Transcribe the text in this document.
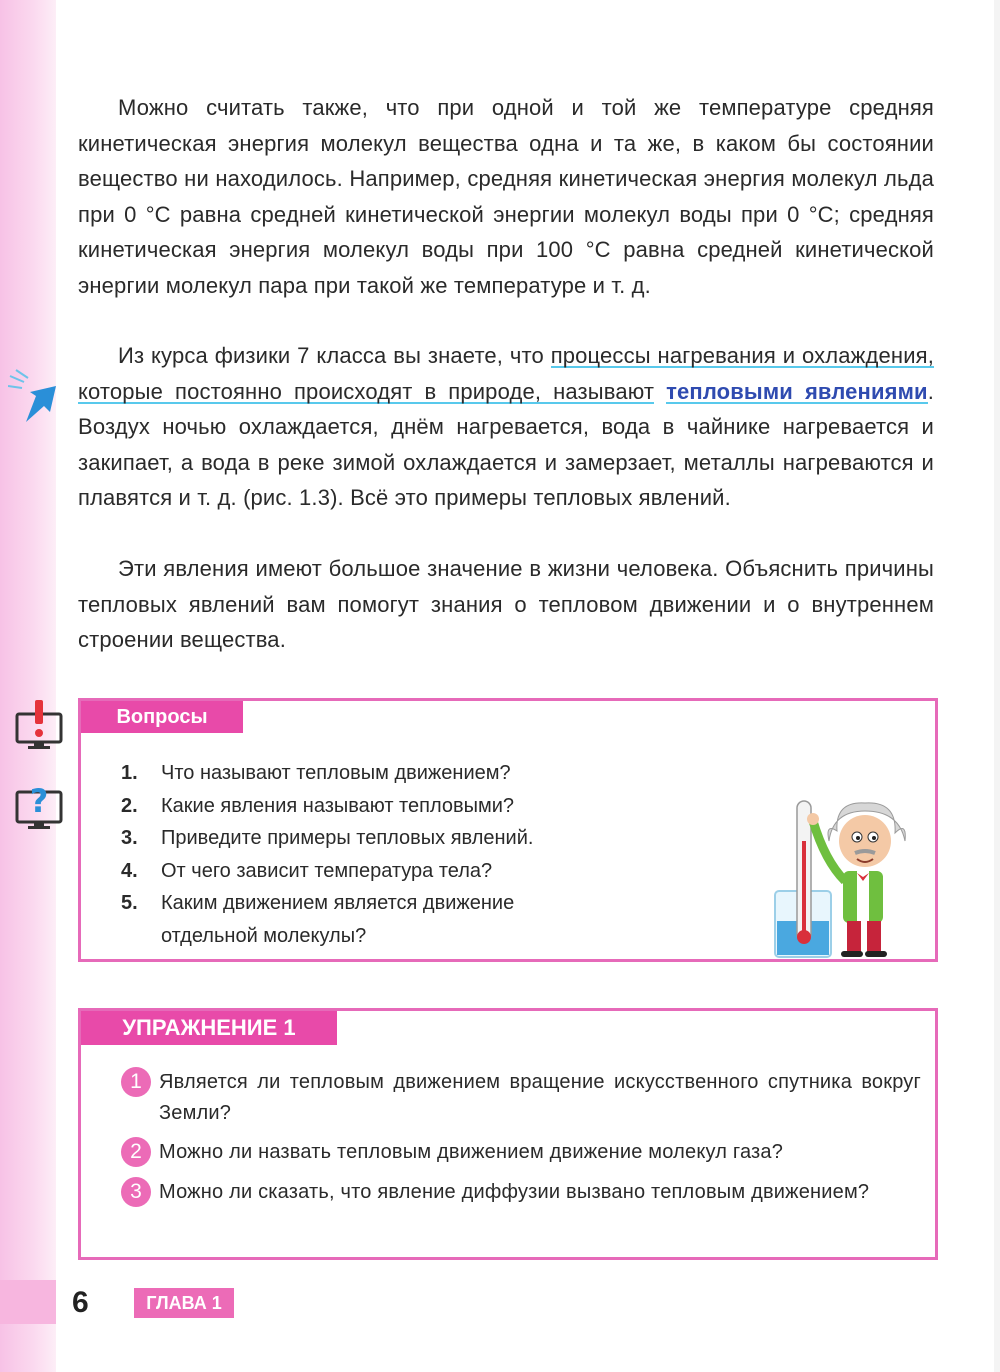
Можно считать также, что при одной и той же температуре средняя кинетическая энергия молекул вещества одна и та же, в каком бы состоянии вещество ни находилось. Например, средняя кинетическая энергия молекул льда при 0 °С равна средней кинетической энергии молекул воды при 0 °С; средняя кинетическая энергия молекул воды при 100 °С равна средней кинетической энергии молекул пара при такой же температуре и т. д.

Из курса физики 7 класса вы знаете, что процессы нагревания и охлаждения, которые постоянно происходят в природе, называют тепловыми явлениями. Воздух ночью охлаждается, днём нагревается, вода в чайнике нагревается и закипает, а вода в реке зимой охлаждается и замерзает, металлы нагреваются и плавятся и т. д. (рис. 1.3). Всё это примеры тепловых явлений.

Эти явления имеют большое значение в жизни человека. Объяснить причины тепловых явлений вам помогут знания о тепловом движении и о внутреннем строении вещества.

?
Вопросы
1.	Что называют тепловым движением?
2.	Какие явления называют тепловыми?
3.	Приведите примеры тепловых явлений.
4.	От чего зависит температура тела?
5.	Каким движением является движение отдельной молекулы?
УПРАЖНЕНИЕ 1
1 Является ли тепловым движением вращение искусственного спутника вокруг Земли?
2 Можно ли назвать тепловым движением движение молекул газа?
3 Можно ли сказать, что явление диффузии вызвано тепловым движением?
6	ГЛАВА 1
